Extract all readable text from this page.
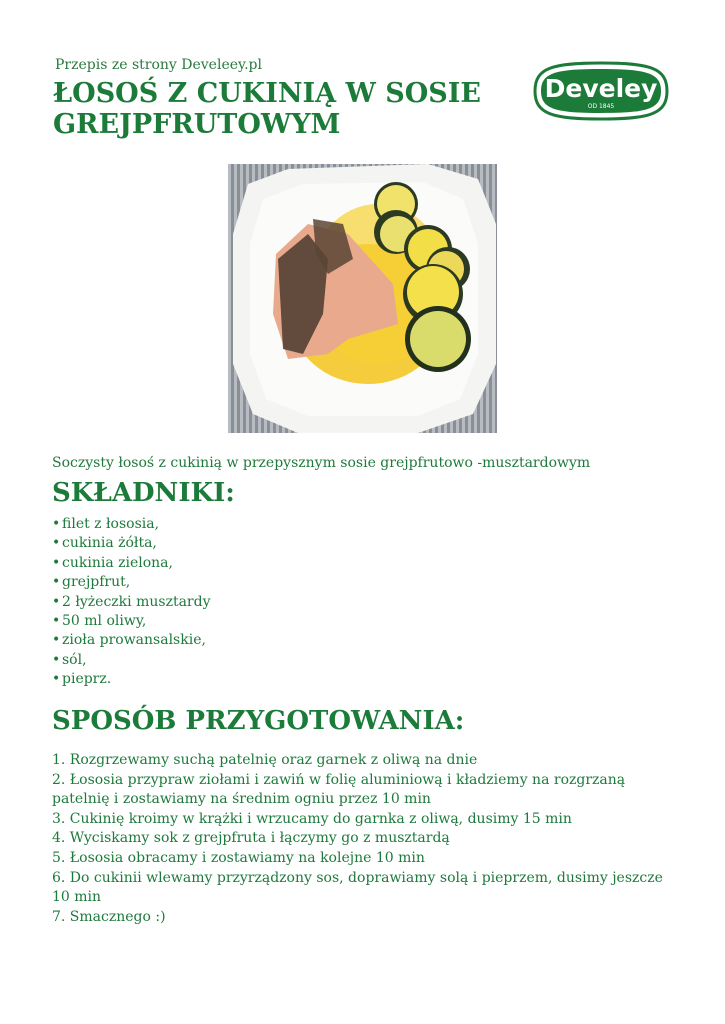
Przepis ze strony Develeey.pl
ŁOSOŚ Z CUKINIĄ W SOSIE GREJPFRUTOWYM
Develey
OD 1845
Soczysty łosoś z cukinią w przepysznym sosie grejpfrutowo -musztardowym
SKŁADNIKI:
• filet z łososia,
• cukinia żółta,
• cukinia zielona,
• grejpfrut,
• 2 łyżeczki musztardy
• 50 ml oliwy,
• zioła prowansalskie,
• sól,
• pieprz.
SPOSÓB PRZYGOTOWANIA:
1. Rozgrzewamy suchą patelnię oraz garnek z oliwą na dnie
2. Łososia przypraw ziołami i zawiń w folię aluminiową i kładziemy na rozgrzaną patelnię i zostawiamy na średnim ogniu przez 10 min
3. Cukinię kroimy w krążki i wrzucamy do garnka z oliwą, dusimy 15 min
4. Wyciskamy sok z grejpfruta i łączymy go z musztardą
5. Łososia obracamy i zostawiamy na kolejne 10 min
6. Do cukinii wlewamy przyrządzony sos, doprawiamy solą i pieprzem, dusimy jeszcze 10 min
7. Smacznego :)
